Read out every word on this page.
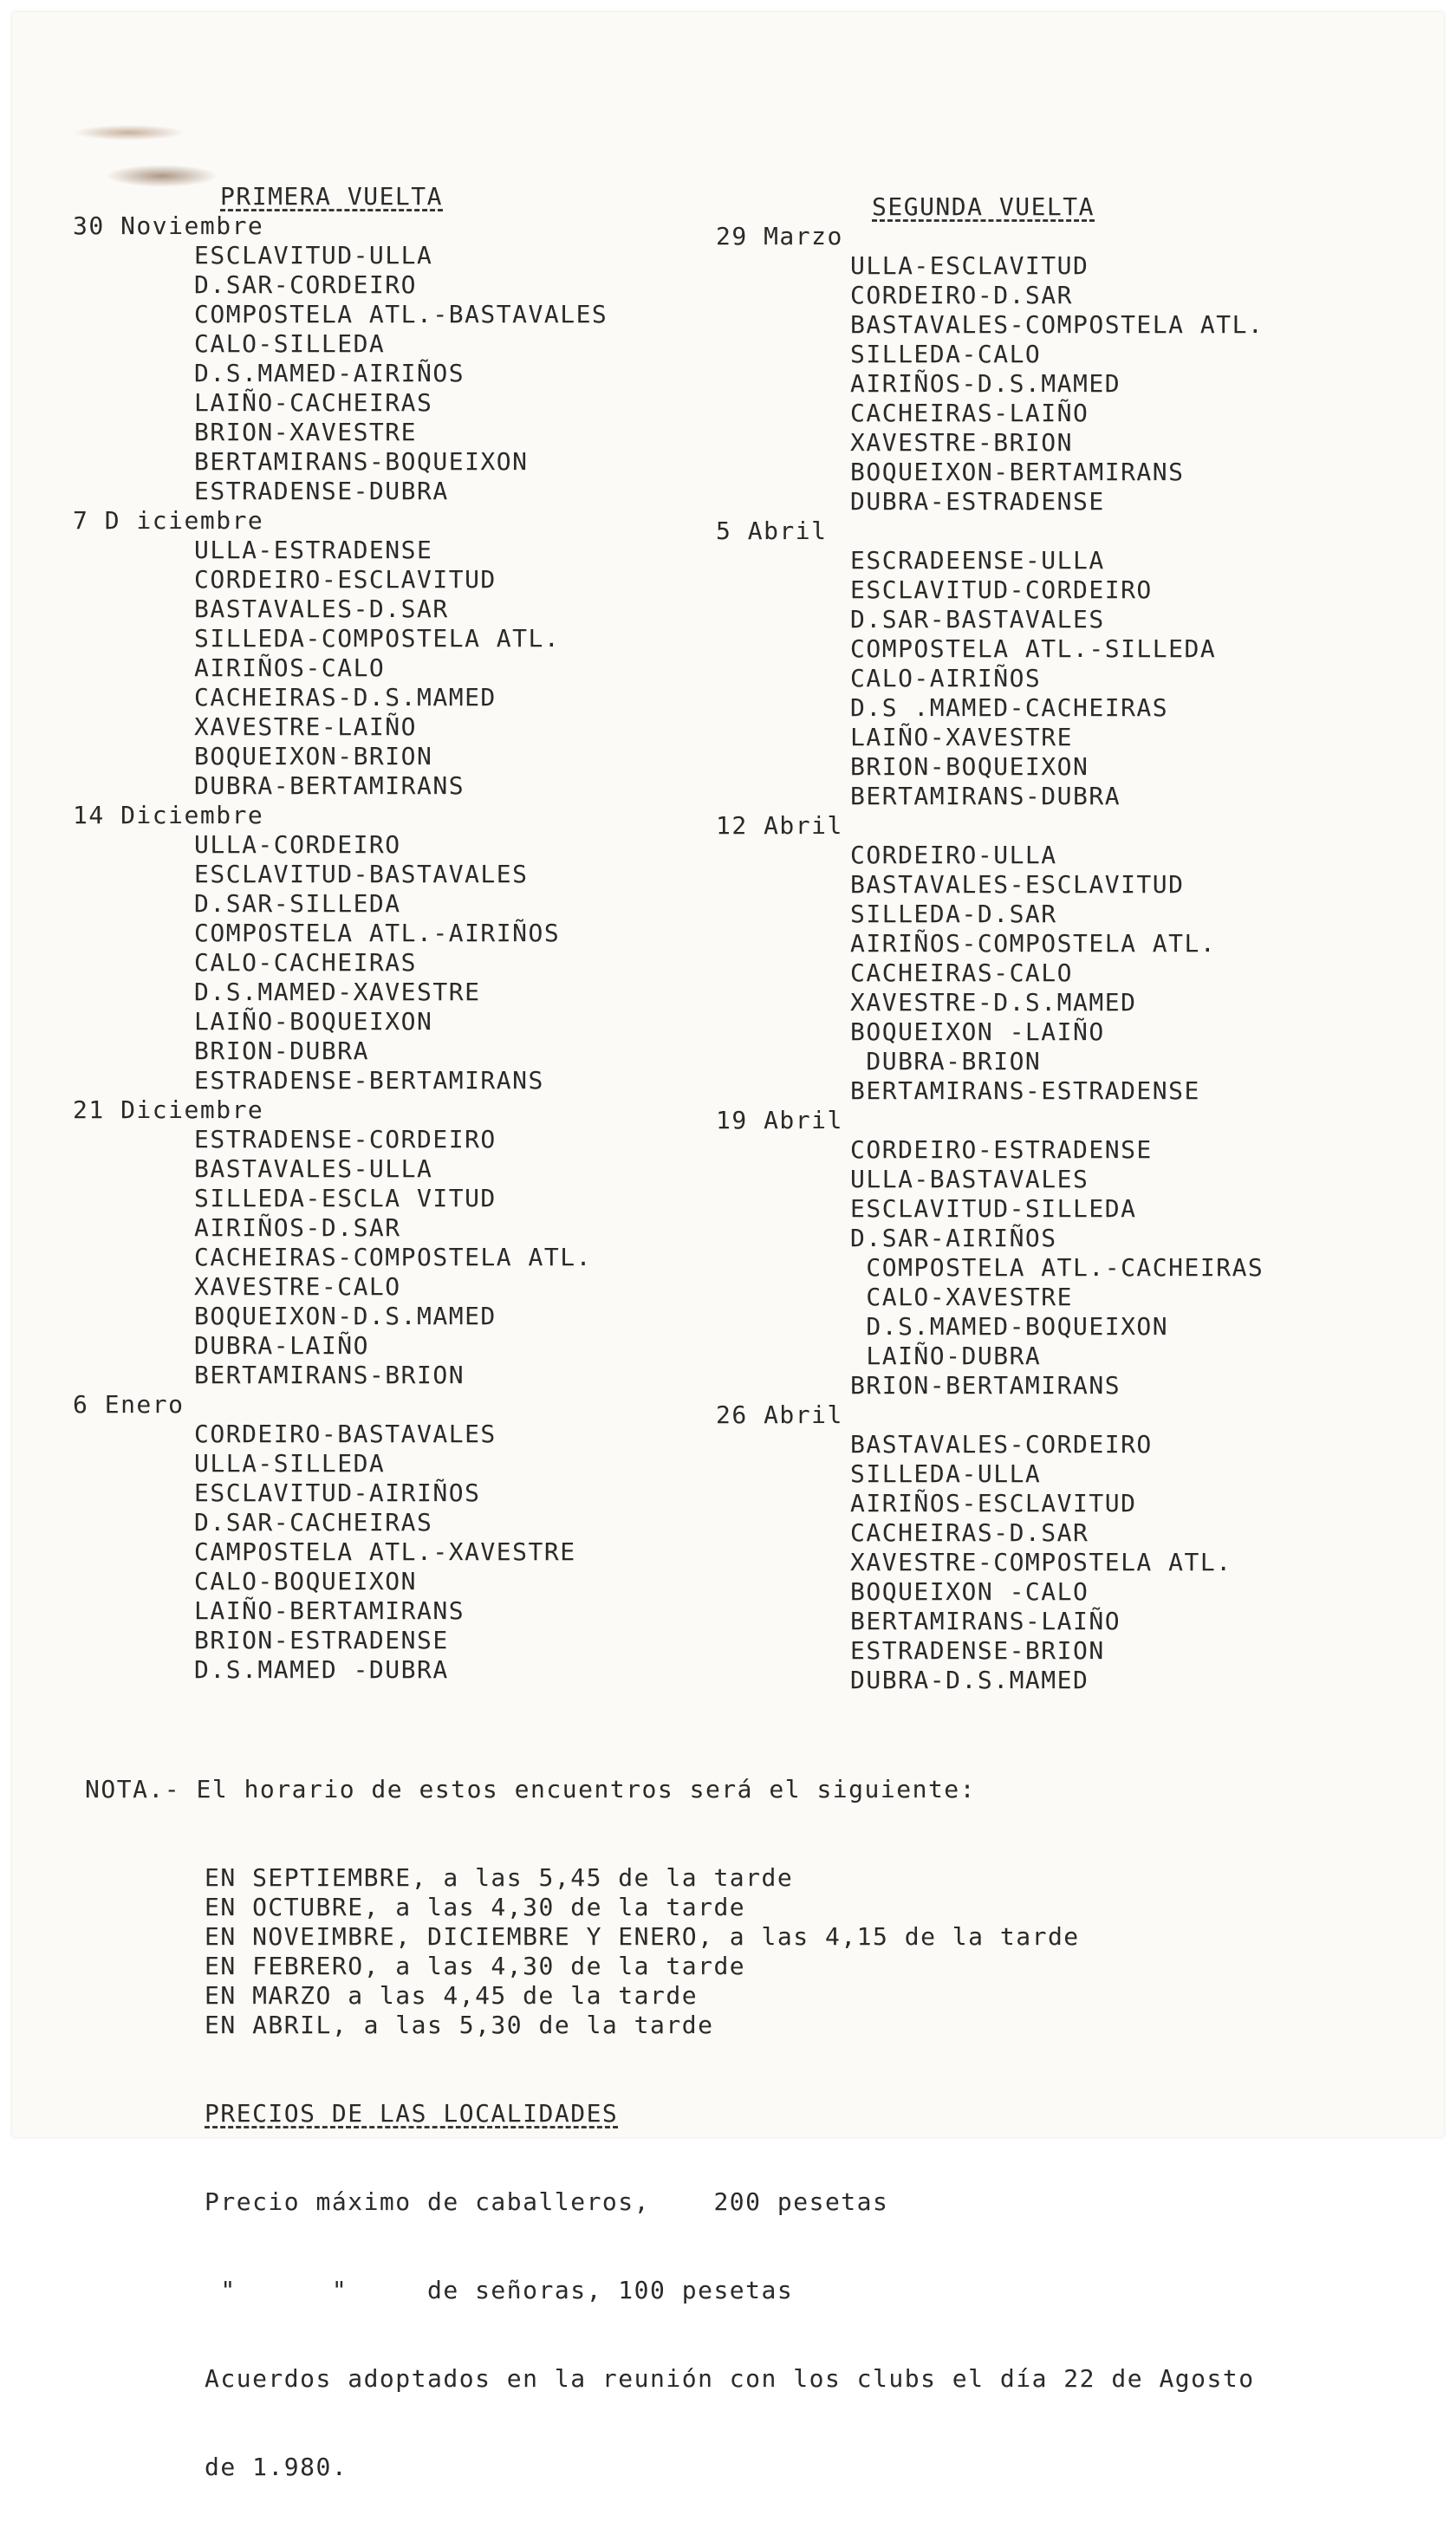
PRIMERA VUELTA
30 Noviembre
ESCLAVITUD-ULLA
D.SAR-CORDEIRO
COMPOSTELA ATL.-BASTAVALES
CALO-SILLEDA
D.S.MAMED-AIRIÑOS
LAIÑO-CACHEIRAS
BRION-XAVESTRE
BERTAMIRANS-BOQUEIXON
ESTRADENSE-DUBRA
7 D iciembre
ULLA-ESTRADENSE
CORDEIRO-ESCLAVITUD
BASTAVALES-D.SAR
SILLEDA-COMPOSTELA ATL.
AIRIÑOS-CALO
CACHEIRAS-D.S.MAMED
XAVESTRE-LAIÑO
BOQUEIXON-BRION
DUBRA-BERTAMIRANS
14 Diciembre
ULLA-CORDEIRO
ESCLAVITUD-BASTAVALES
D.SAR-SILLEDA
COMPOSTELA ATL.-AIRIÑOS
CALO-CACHEIRAS
D.S.MAMED-XAVESTRE
LAIÑO-BOQUEIXON
BRION-DUBRA
ESTRADENSE-BERTAMIRANS
21 Diciembre
ESTRADENSE-CORDEIRO
BASTAVALES-ULLA
SILLEDA-ESCLA VITUD
AIRIÑOS-D.SAR
CACHEIRAS-COMPOSTELA ATL.
XAVESTRE-CALO
BOQUEIXON-D.S.MAMED
DUBRA-LAIÑO
BERTAMIRANS-BRION
6 Enero
CORDEIRO-BASTAVALES
ULLA-SILLEDA
ESCLAVITUD-AIRIÑOS
D.SAR-CACHEIRAS
CAMPOSTELA ATL.-XAVESTRE
CALO-BOQUEIXON
LAIÑO-BERTAMIRANS
BRION-ESTRADENSE
D.S.MAMED -DUBRA
SEGUNDA VUELTA
29 Marzo
ULLA-ESCLAVITUD
CORDEIRO-D.SAR
BASTAVALES-COMPOSTELA ATL.
SILLEDA-CALO
AIRIÑOS-D.S.MAMED
CACHEIRAS-LAIÑO
XAVESTRE-BRION
BOQUEIXON-BERTAMIRANS
DUBRA-ESTRADENSE
5 Abril
ESCRADEENSE-ULLA
ESCLAVITUD-CORDEIRO
D.SAR-BASTAVALES
COMPOSTELA ATL.-SILLEDA
CALO-AIRIÑOS
D.S .MAMED-CACHEIRAS
LAIÑO-XAVESTRE
BRION-BOQUEIXON
BERTAMIRANS-DUBRA
12 Abril
CORDEIRO-ULLA
BASTAVALES-ESCLAVITUD
SILLEDA-D.SAR
AIRIÑOS-COMPOSTELA ATL.
CACHEIRAS-CALO
XAVESTRE-D.S.MAMED
BOQUEIXON -LAIÑO
DUBRA-BRION
BERTAMIRANS-ESTRADENSE
19 Abril
CORDEIRO-ESTRADENSE
ULLA-BASTAVALES
ESCLAVITUD-SILLEDA
D.SAR-AIRIÑOS
COMPOSTELA ATL.-CACHEIRAS
CALO-XAVESTRE
D.S.MAMED-BOQUEIXON
LAIÑO-DUBRA
BRION-BERTAMIRANS
26 Abril
BASTAVALES-CORDEIRO
SILLEDA-ULLA
AIRIÑOS-ESCLAVITUD
CACHEIRAS-D.SAR
XAVESTRE-COMPOSTELA ATL.
BOQUEIXON -CALO
BERTAMIRANS-LAIÑO
ESTRADENSE-BRION
DUBRA-D.S.MAMED

NOTA.- El horario de estos encuentros será el siguiente:

EN SEPTIEMBRE, a las 5,45 de la tarde
EN OCTUBRE, a las 4,30 de la tarde
EN NOVEIMBRE, DICIEMBRE Y ENERO, a las 4,15 de la tarde
EN FEBRERO, a las 4,30 de la tarde
EN MARZO a las 4,45 de la tarde
EN ABRIL, a las 5,30 de la tarde

PRECIOS DE LAS LOCALIDADES

Precio máximo de caballeros,    200 pesetas

"      "     de señoras, 100 pesetas

Acuerdos adoptados en la reunión con los clubs el día 22 de Agosto

de 1.980.
